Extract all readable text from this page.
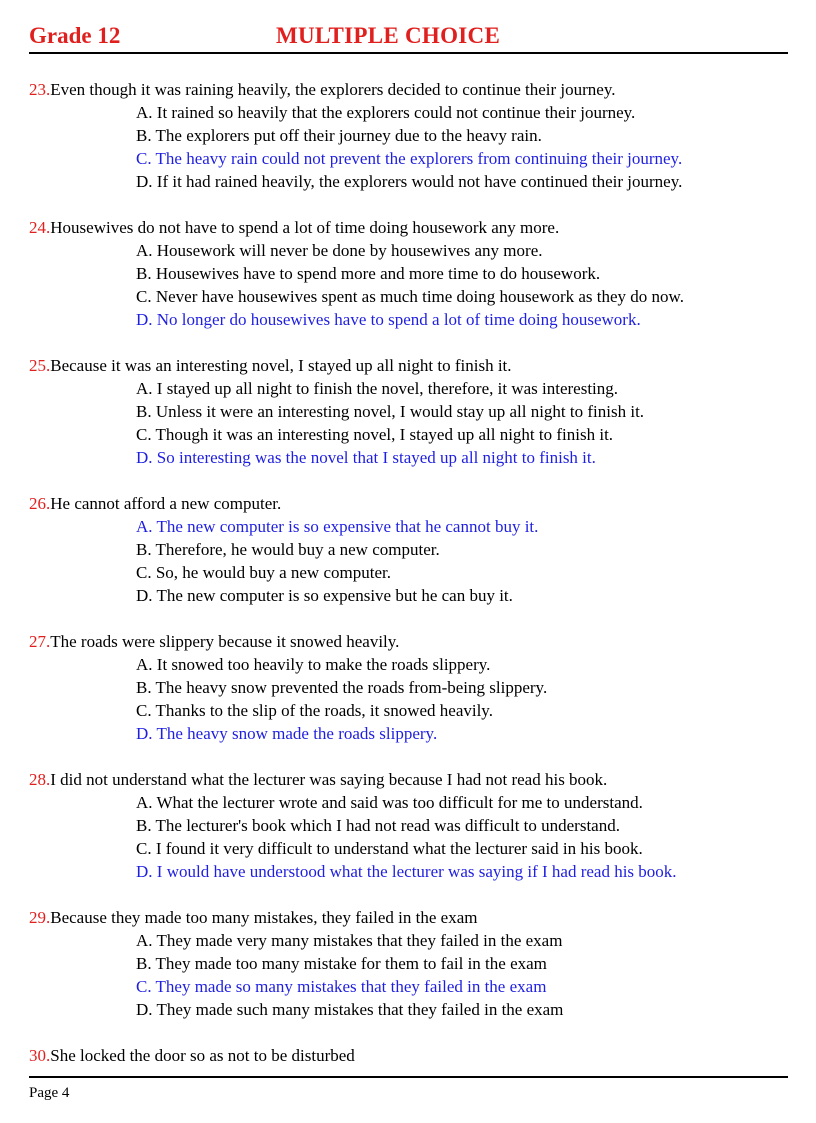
Grade 12	MULTIPLE CHOICE
23.Even though it was raining heavily, the explorers decided to continue their journey.
A. It rained so heavily that the explorers could not continue their journey.
B. The explorers put off their journey due to the heavy rain.
C. The heavy rain could not prevent the explorers from continuing their journey.
D. If it had rained heavily, the explorers would not have continued their journey.
24.Housewives do not have to spend a lot of time doing housework any more.
A. Housework will never be done by housewives any more.
B. Housewives have to spend more and more time to do housework.
C. Never have housewives spent as much time doing housework as they do now.
D. No longer do housewives have to spend a lot of time doing housework.
25.Because it was an interesting novel, I stayed up all night to finish it.
A. I stayed up all night to finish the novel, therefore, it was interesting.
B. Unless it were an interesting novel, I would stay up all night to finish it.
C. Though it was an interesting novel, I stayed up all night to finish it.
D. So interesting was the novel that I stayed up all night to finish it.
26.He cannot afford a new computer.
A. The new computer is so expensive that he cannot buy it.
B. Therefore, he would buy a new computer.
C. So, he would buy a new computer.
D. The new computer is so expensive but he can buy it.
27.The roads were slippery because it snowed heavily.
A. It snowed too heavily to make the roads slippery.
B. The heavy snow prevented the roads from-being slippery.
C. Thanks to the slip of the roads, it snowed heavily.
D. The heavy snow made the roads slippery.
28.I did not understand what the lecturer was saying because I had not read his book.
A. What the lecturer wrote and said was too difficult for me to understand.
B. The lecturer's book which I had not read was difficult to understand.
C. I found it very difficult to understand what the lecturer said in his book.
D. I would have understood what the lecturer was saying if I had read his book.
29.Because they made too many mistakes, they failed in the exam
A. They made very many mistakes that they failed in the exam
B. They made too many mistake for them to fail in the exam
C. They made so many mistakes that they failed in the exam
D. They made such many mistakes that they failed in the exam
30.She locked the door so as not to be disturbed
Page 4
